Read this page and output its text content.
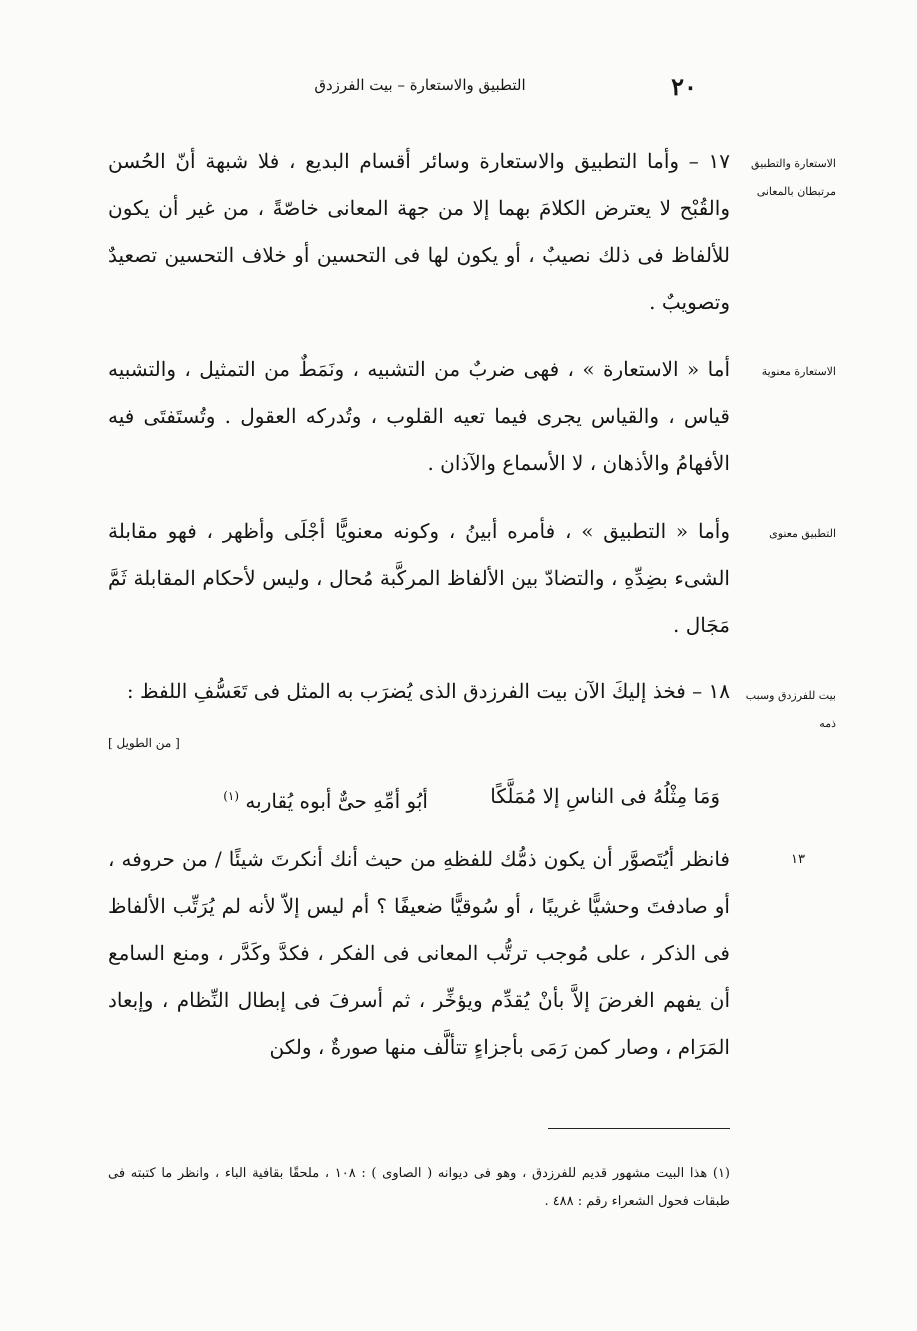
٢٠
التطبيق والاستعارة – بيت الفرزدق
الاستعارة والتطبيق مرتبطان بالمعانى

١٧ – وأما التطبيق والاستعارة وسائر أقسام البديع ، فلا شبهة أنّ الحُسن والقُبْح لا يعترض الكلامَ بهما إلا من جهة المعانى خاصّةً ، من غير أن يكون للألفاظ فى ذلك نصيبٌ ، أو يكون لها فى التحسين أو خلاف التحسين تصعيدٌ وتصويبٌ .

الاستعارة معنوية

أما « الاستعارة » ، فهى ضربٌ من التشبيه ، ونَمَطٌ من التمثيل ، والتشبيه قياس ، والقياس يجرى فيما تعيه القلوب ، وتُدركه العقول . وتُستَفتَى فيه الأفهامُ والأذهان ، لا الأسماع والآذان .

التطبيق معنوى

وأما « التطبيق » ، فأمره أبينُ ، وكونه معنويًّا أجْلَى وأظهر ، فهو مقابلة الشىء بضِدِّهِ ، والتضادّ بين الألفاظ المركَّبة مُحال ، وليس لأحكام المقابلة ثَمَّ مَجَال .

بيت للفرزدق وسبب ذمه

١٨ – فخذ إليكَ الآن بيت الفرزدق الذى يُضرَب به المثل فى تَعَسُّفِ اللفظ :

[ من الطويل ]
وَمَا مِثْلُهُ فى الناسِ إلا مُمَلَّكًا
أبُو أمِّهِ حىٌّ أبوه يُقاربه (١)
١٣

فانظر أيُتَصوَّر أن يكون ذمُّك للفظهِ من حيث أنك أنكرتَ شيئًا / من حروفه ، أو صادفتَ وحشيًّا غريبًا ، أو سُوقيًّا ضعيفًا ؟ أم ليس إلاّ لأنه لم يُرَتِّب الألفاظ فى الذكر ، على مُوجب ترتُّب المعانى فى الفكر ، فكدَّ وكَدَّر ، ومنع السامع أن يفهم الغرضَ إلاَّ بأنْ يُقدِّم ويؤخِّر ، ثم أسرفَ فى إبطال النِّظام ، وإبعاد المَرَام ، وصار كمن رَمَى بأجزاءٍ تتألَّف منها صورةٌ ، ولكن

(١) هذا البيت مشهور قديم للفرزدق ، وهو فى ديوانه ( الصاوى ) : ١٠٨ ، ملحقًا بقافية الباء ، وانظر ما كتبته فى طبقات فحول الشعراء رقم : ٤٨٨ .
